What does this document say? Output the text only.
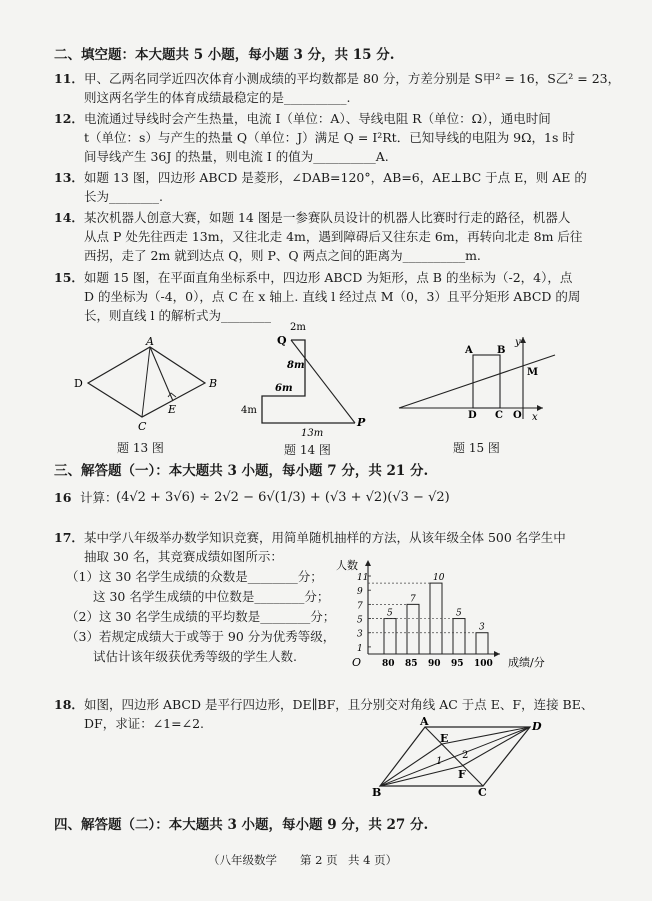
二、填空题：本大题共 5 小题，每小题 3 分，共 15 分.
11． 甲、乙两名同学近四次体育小测成绩的平均数都是 80 分，方差分别是 S甲² = 16，S乙² = 23，
则这两名学生的体育成绩最稳定的是__________.
12． 电流通过导线时会产生热量，电流 I（单位：A）、导线电阻 R（单位：Ω），通电时间
t（单位：s）与产生的热量 Q（单位：J）满足 Q = I²Rt．已知导线的电阻为 9Ω，1s 时
间导线产生 36J 的热量，则电流 I 的值为__________A.
13． 如题 13 图，四边形 ABCD 是菱形，∠DAB=120°，AB=6，AE⊥BC 于点 E，则 AE 的
长为________.
14． 某次机器人创意大赛，如题 14 图是一参赛队员设计的机器人比赛时行走的路径，机器人
从点 P 处先往西走 13m，又往北走 4m，遇到障碍后又往东走 6m，再转向北走 8m 后往
西拐，走了 2m 就到达点 Q，则 P、Q 两点之间的距离为__________m.
15． 如题 15 图，在平面直角坐标系中，四边形 ABCD 为矩形，点 B 的坐标为（-2，4），点
D 的坐标为（-4，0），点 C 在 x 轴上. 直线 l 经过点 M（0，3）且平分矩形 ABCD 的周
长，则直线 l 的解析式为________
A
B
C
D
E
题 13 图
Q
P
2m
8m
6m
4m
13m
题 14 图
A B
D C O
M
x
y
题 15 图
三、解答题（一）：本大题共 3 小题，每小题 7 分，共 21 分.
16 计算：
(4√2 + 3√6) ÷ 2√2 − 6√(1/3) + (√3 + √2)(√3 − √2)
17． 某中学八年级举办数学知识竞赛，用简单随机抽样的方法，从该年级全体 500 名学生中
抽取 30 名，其竞赛成绩如图所示：
（1）这 30 名学生成绩的众数是________分；
这 30 名学生成绩的中位数是________分；
（2）这 30 名学生成绩的平均数是________分；
（3）若规定成绩大于或等于 90 分为优秀等级，
试估计该年级获优秀等级的学生人数.
人数
成绩/分
O
1
3
5
7
9
11
5
80
7
85
10
90
5
95
3
100
18． 如图，四边形 ABCD 是平行四边形，DE∥BF，且分别交对角线 AC 于点 E、F，连接 BE、
DF，求证：∠1=∠2.	A	D
E
F
B	C
1
2
四、解答题（二）：本大题共 3 小题，每小题 9 分，共 27 分.
（八年级数学 第 2 页 共 4 页）
